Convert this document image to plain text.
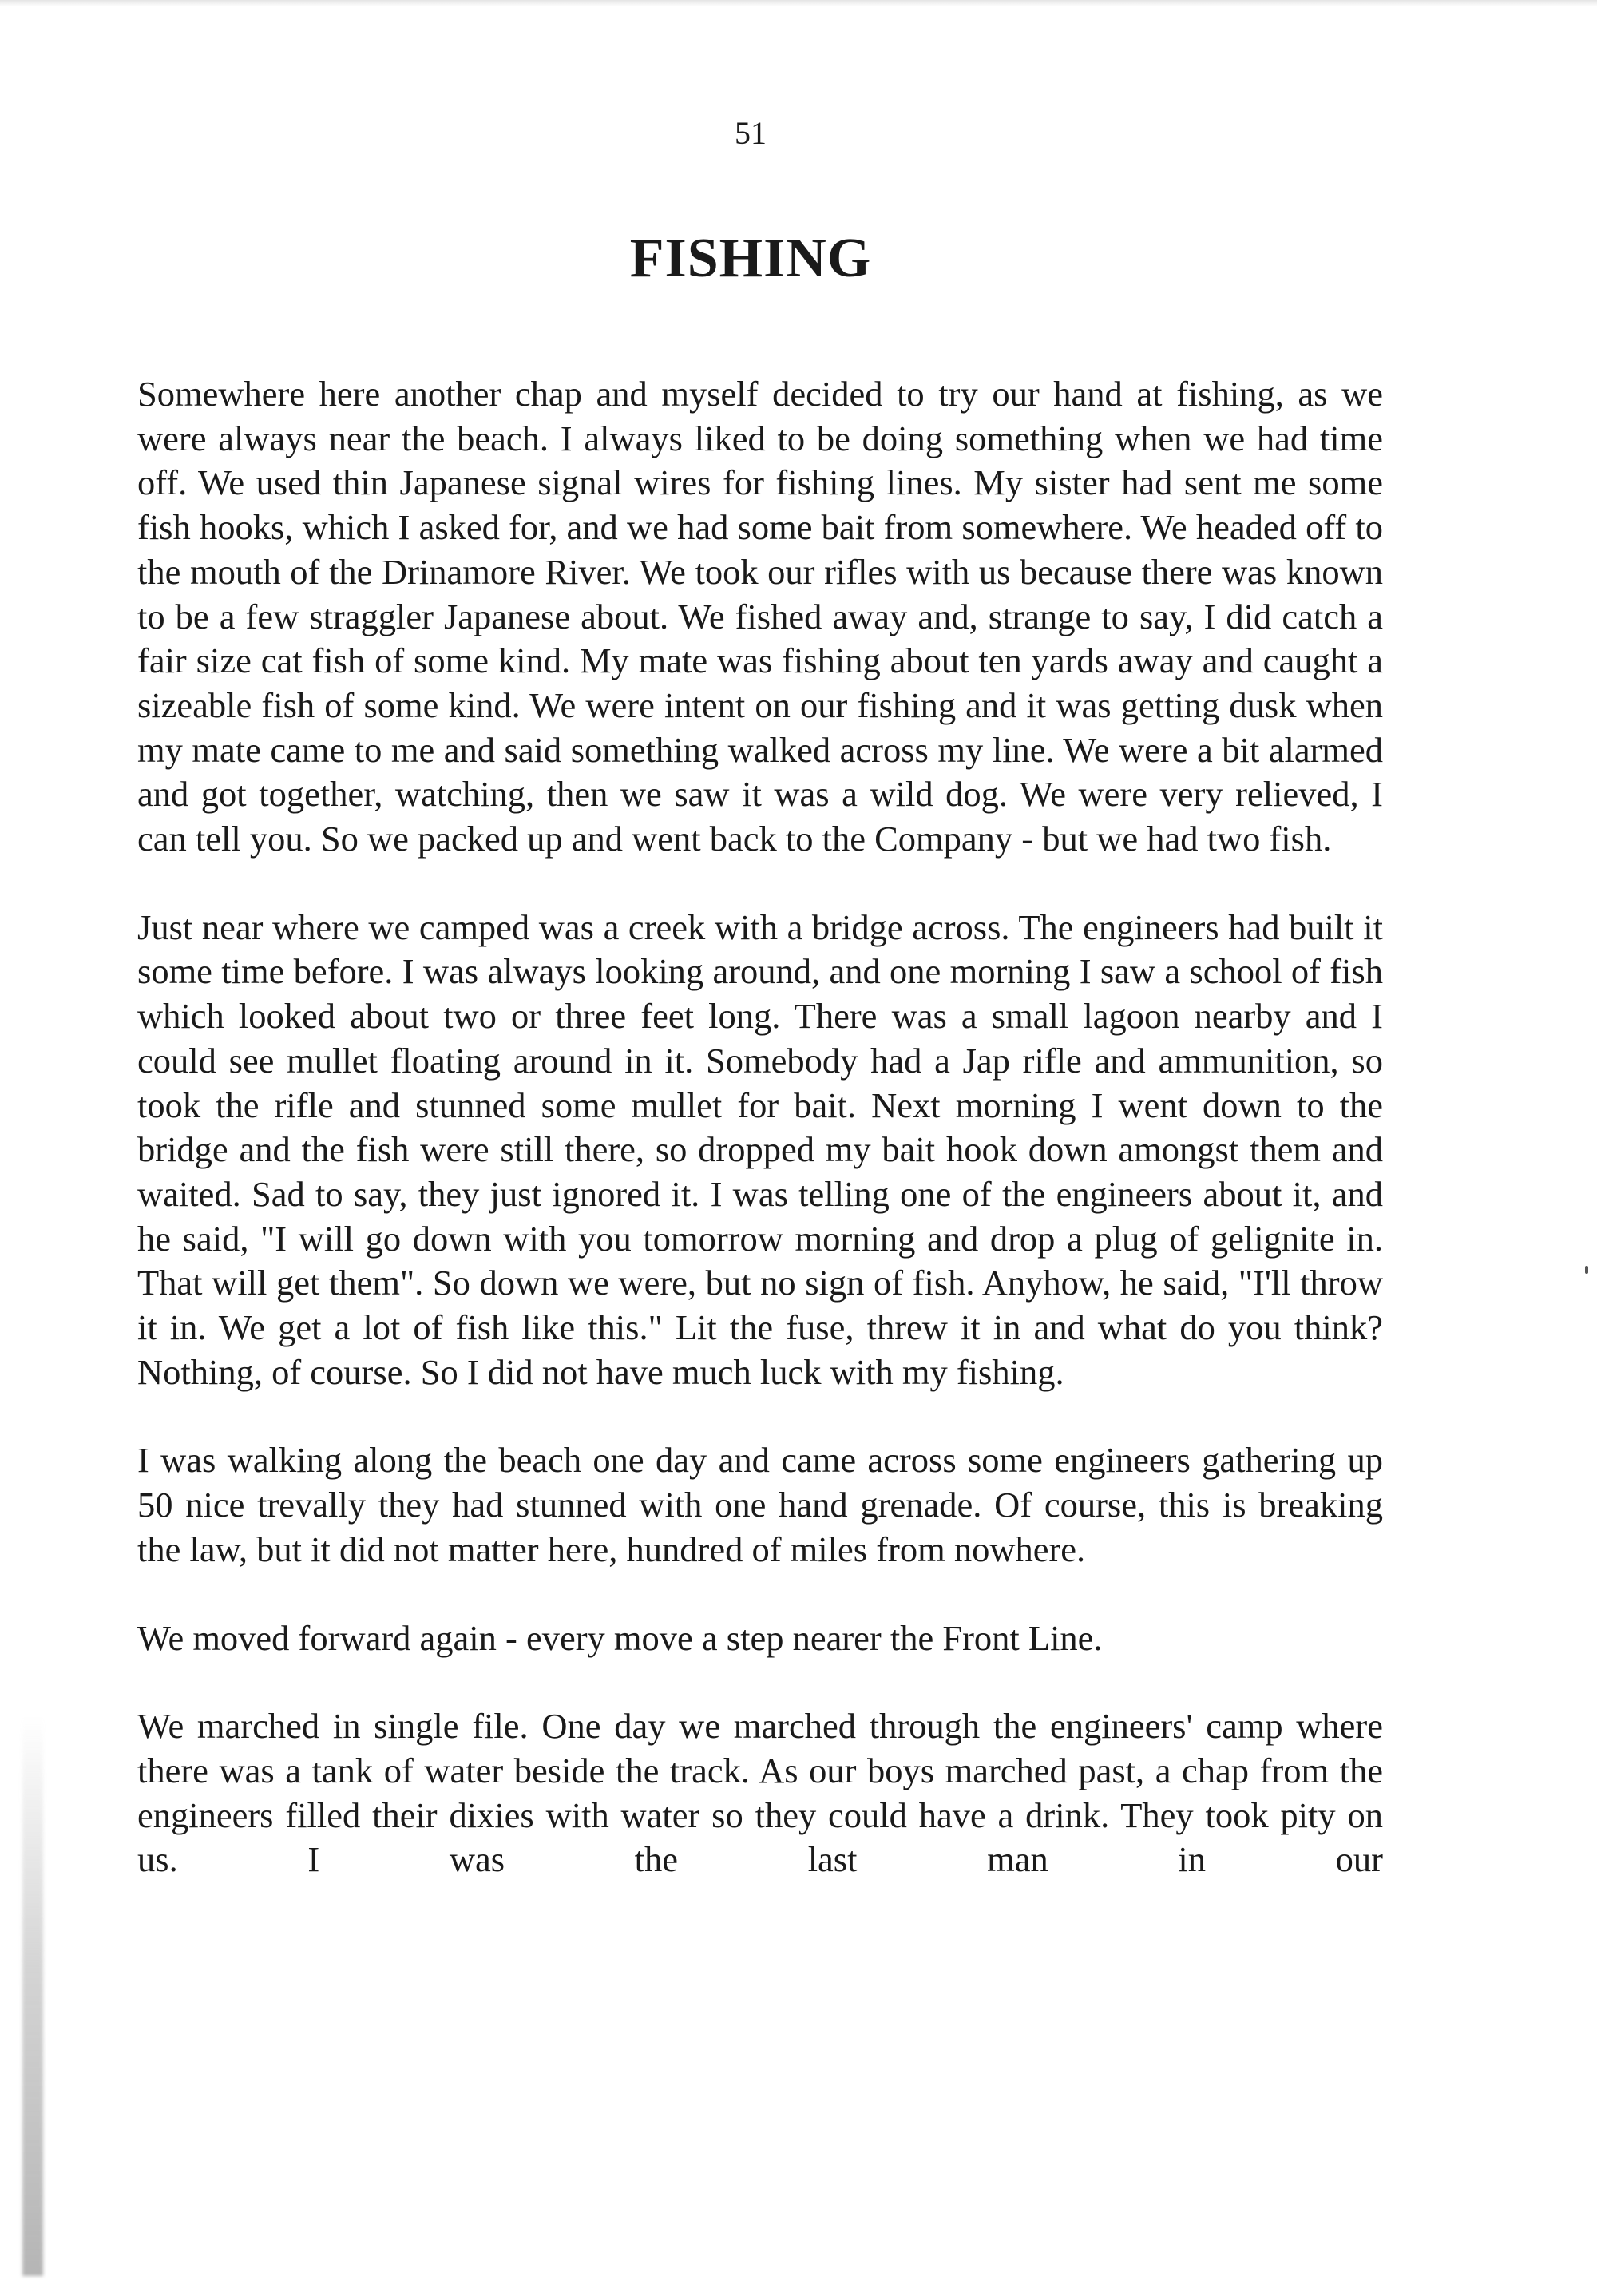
51
FISHING

Somewhere here another chap and myself decided to try our hand at fishing, as we were always near the beach. I always liked to be doing something when we had time off. We used thin Japanese signal wires for fishing lines. My sister had sent me some fish hooks, which I asked for, and we had some bait from somewhere. We headed off to the mouth of the Drinamore River. We took our rifles with us because there was known to be a few straggler Japanese about. We fished away and, strange to say, I did catch a fair size cat fish of some kind. My mate was fishing about ten yards away and caught a sizeable fish of some kind. We were intent on our fishing and it was getting dusk when my mate came to me and said something walked across my line. We were a bit alarmed and got together, watching, then we saw it was a wild dog. We were very relieved, I can tell you. So we packed up and went back to the Company - but we had two fish.

Just near where we camped was a creek with a bridge across. The engineers had built it some time before. I was always looking around, and one morning I saw a school of fish which looked about two or three feet long. There was a small lagoon nearby and I could see mullet floating around in it. Somebody had a Jap rifle and ammunition, so took the rifle and stunned some mullet for bait. Next morning I went down to the bridge and the fish were still there, so dropped my bait hook down amongst them and waited. Sad to say, they just ignored it. I was telling one of the engineers about it, and he said, "I will go down with you tomorrow morning and drop a plug of gelignite in. That will get them". So down we were, but no sign of fish. Anyhow, he said, "I'll throw it in. We get a lot of fish like this." Lit the fuse, threw it in and what do you think? Nothing, of course. So I did not have much luck with my fishing.

I was walking along the beach one day and came across some engineers gathering up 50 nice trevally they had stunned with one hand grenade. Of course, this is breaking the law, but it did not matter here, hundred of miles from nowhere.

We moved forward again - every move a step nearer the Front Line.

We marched in single file. One day we marched through the engineers' camp where there was a tank of water beside the track. As our boys marched past, a chap from the engineers filled their dixies with water so they could have a drink. They took pity on us. I was the last man in our
